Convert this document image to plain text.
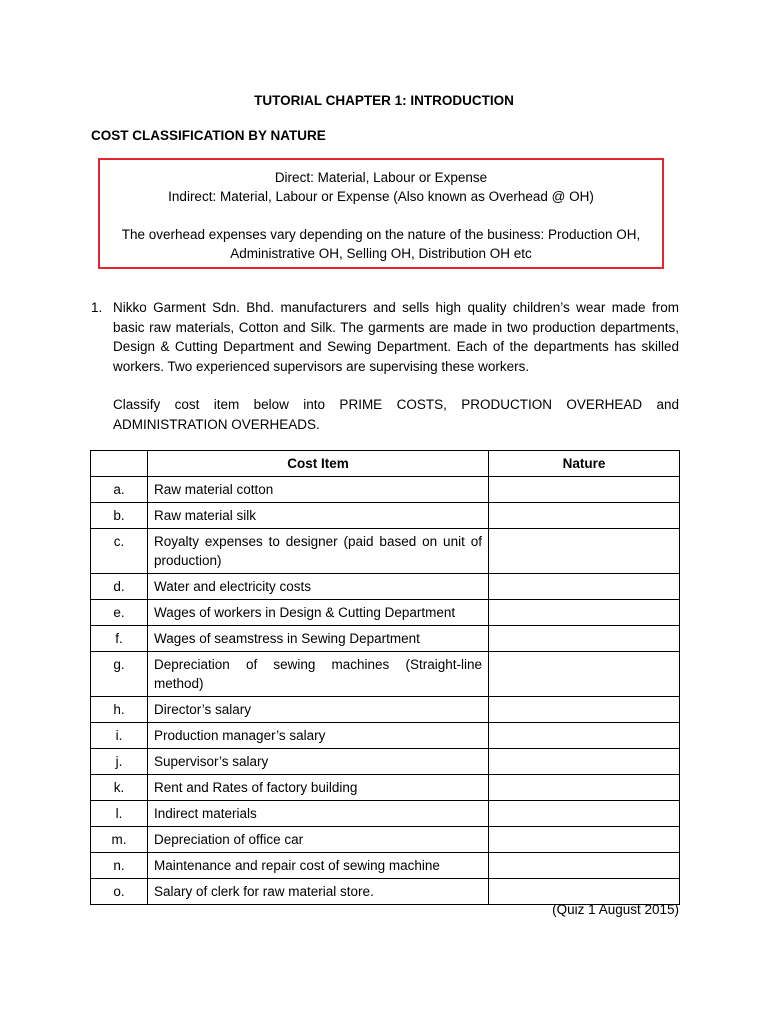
TUTORIAL CHAPTER 1: INTRODUCTION
COST CLASSIFICATION BY NATURE
Direct: Material, Labour or Expense
Indirect: Material, Labour or Expense (Also known as Overhead @ OH)
The overhead expenses vary depending on the nature of the business: Production OH,
Administrative OH, Selling OH, Distribution OH etc
1. Nikko Garment Sdn. Bhd. manufacturers and sells high quality children’s wear made from basic raw materials, Cotton and Silk. The garments are made in two production departments, Design & Cutting Department and Sewing Department. Each of the departments has skilled workers. Two experienced supervisors are supervising these workers.
Classify cost item below into PRIME COSTS, PRODUCTION OVERHEAD and ADMINISTRATION OVERHEADS.
	Cost Item	Nature
a.	Raw material cotton	
b.	Raw material silk	
c.	Royalty expenses to designer (paid based on unit of production)	
d.	Water and electricity costs	
e.	Wages of workers in Design & Cutting Department	
f.	Wages of seamstress in Sewing Department	
g.	Depreciation of sewing machines (Straight-line method)	
h.	Director’s salary	
i.	Production manager’s salary	
j.	Supervisor’s salary	
k.	Rent and Rates of factory building	
l.	Indirect materials	
m.	Depreciation of office car	
n.	Maintenance and repair cost of sewing machine	
o.	Salary of clerk for raw material store.	
(Quiz 1 August 2015)
